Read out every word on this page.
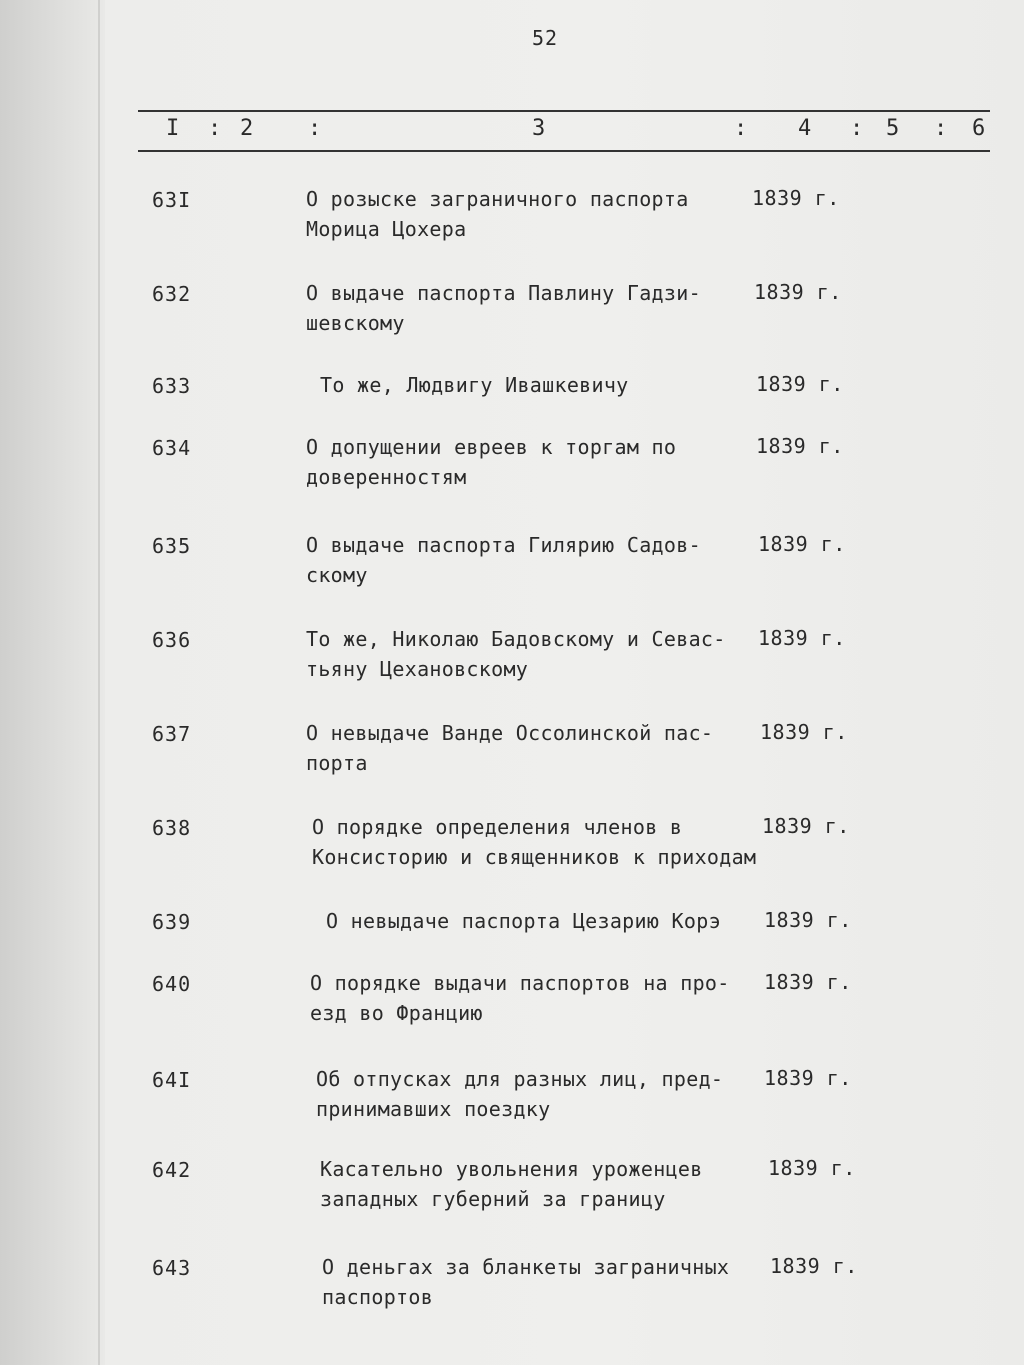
52
I : 2 :	3	: 4 : 5 : 6
63I	О розыске заграничного паспорта
Морица Цохера
1839 г.
632	О выдаче паспорта Павлину Гадзи-
шевскому
1839 г.
633	То же, Людвигу Ивашкевичу	1839 г.
634	О допущении евреев к торгам по
доверенностям
1839 г.
635	О выдаче паспорта Гилярию Садов-
скому
1839 г.
636	То же, Николаю Бадовскому и Севас-
тьяну Цехановскому
1839 г.
637	О невыдаче Ванде Оссолинской пас-
порта
1839 г.
638	О порядке определения членов в
Консисторию и священников к приходам
1839 г.
639	О невыдаче паспорта Цезарию Корэ	1839 г.
640	О порядке выдачи паспортов на про-
езд во Францию
1839 г.
64I	Об отпусках для разных лиц, пред-
принимавших поездку
1839 г.
642	Касательно увольнения уроженцев
западных губерний за границу
1839 г.
643	О деньгах за бланкеты заграничных
паспортов
1839 г.
